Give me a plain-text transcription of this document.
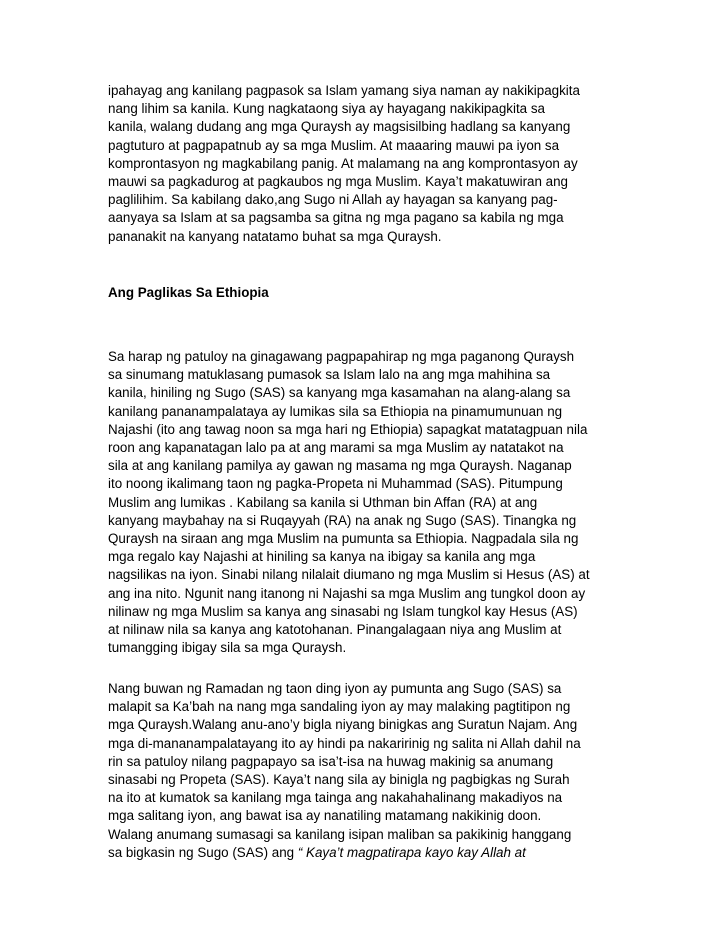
ipahayag ang kanilang pagpasok sa Islam yamang siya naman ay nakikipagkita
nang lihim sa kanila. Kung nagkataong siya ay hayagang nakikipagkita sa
kanila, walang dudang ang mga Quraysh ay magsisilbing hadlang sa kanyang
pagtuturo at pagpapatnub ay sa mga Muslim. At maaaring mauwi pa iyon sa
komprontasyon ng magkabilang panig. At malamang na ang komprontasyon ay
mauwi sa pagkadurog at pagkaubos ng mga Muslim. Kaya’t makatuwiran ang
paglilihim. Sa kabilang dako,ang Sugo ni Allah ay hayagan sa kanyang pag-
aanyaya sa Islam at sa pagsamba sa gitna ng mga pagano sa kabila ng mga
pananakit na kanyang natatamo buhat sa mga Quraysh.

Ang Paglikas Sa Ethiopia

Sa harap ng patuloy na ginagawang pagpapahirap ng mga paganong Quraysh
sa sinumang matuklasang pumasok sa Islam lalo na ang mga mahihina sa
kanila, hiniling ng Sugo (SAS) sa kanyang mga kasamahan na alang-alang sa
kanilang pananampalataya ay lumikas sila sa Ethiopia na pinamumunuan ng
Najashi (ito ang tawag noon sa mga hari ng Ethiopia) sapagkat matatagpuan nila
roon ang kapanatagan lalo pa at ang marami sa mga Muslim ay natatakot na
sila at ang kanilang pamilya ay gawan ng masama ng mga Quraysh. Naganap
ito noong ikalimang taon ng pagka-Propeta ni Muhammad (SAS). Pitumpung
Muslim ang lumikas . Kabilang sa kanila si Uthman bin Affan (RA) at ang
kanyang maybahay na si Ruqayyah (RA) na anak ng Sugo (SAS). Tinangka ng
Quraysh na siraan ang mga Muslim na pumunta sa Ethiopia. Nagpadala sila ng
mga regalo kay Najashi at hiniling sa kanya na ibigay sa kanila ang mga
nagsilikas na iyon. Sinabi nilang nilalait diumano ng mga Muslim si Hesus (AS) at
ang ina nito. Ngunit nang itanong ni Najashi sa mga Muslim ang tungkol doon ay
nilinaw ng mga Muslim sa kanya ang sinasabi ng Islam tungkol kay Hesus (AS)
at nilinaw nila sa kanya ang katotohanan. Pinangalagaan niya ang Muslim at
tumangging ibigay sila sa mga Quraysh.

Nang buwan ng Ramadan ng taon ding iyon ay pumunta ang Sugo (SAS) sa
malapit sa Ka’bah na nang mga sandaling iyon ay may malaking pagtitipon ng
mga Quraysh.Walang anu-ano’y bigla niyang binigkas ang Suratun Najam. Ang
mga di-mananampalatayang ito ay hindi pa nakaririnig ng salita ni Allah dahil na
rin sa patuloy nilang pagpapayo sa isa’t-isa na huwag makinig sa anumang
sinasabi ng Propeta (SAS). Kaya’t nang sila ay binigla ng pagbigkas ng Surah
na ito at kumatok sa kanilang mga tainga ang nakahahalinang makadiyos na
mga salitang iyon, ang bawat isa ay nanatiling matamang nakikinig doon.
Walang anumang sumasagi sa kanilang isipan maliban sa pakikinig hanggang
sa bigkasin ng Sugo (SAS) ang “ Kaya’t magpatirapa kayo kay Allah at
